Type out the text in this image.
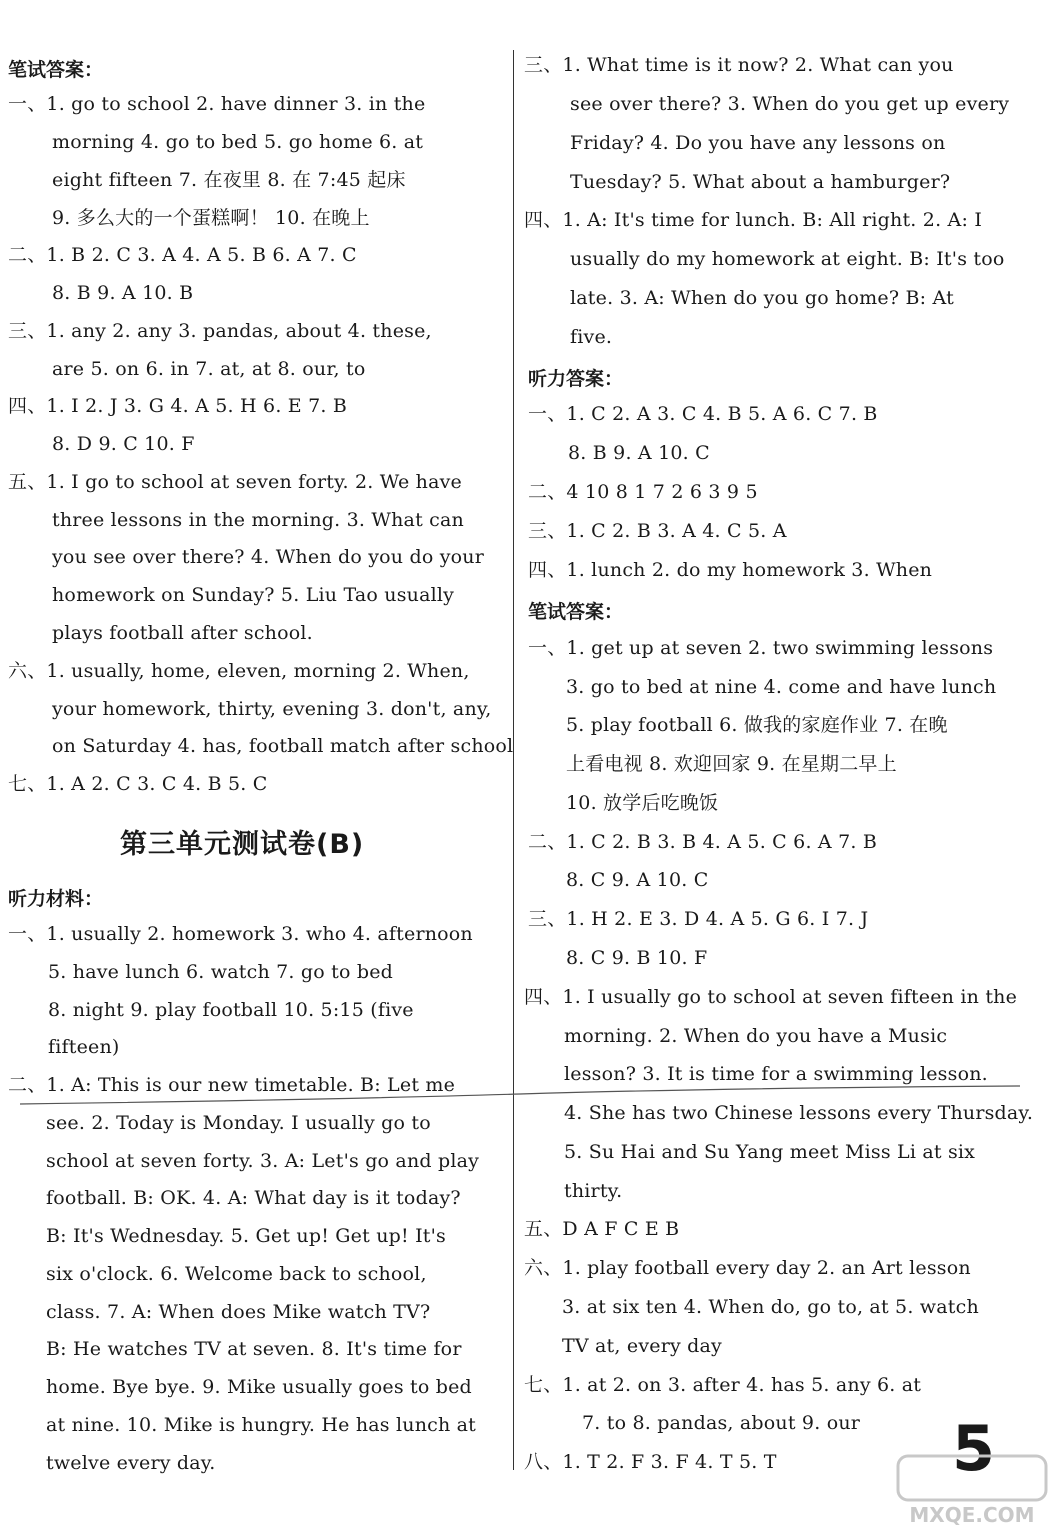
笔试答案：
一、1. go to school 2. have dinner 3. in the
morning 4. go to bed 5. go home 6. at
eight fifteen 7. 在夜里 8. 在 7:45 起床
9. 多么大的一个蛋糕啊！ 10. 在晚上
二、1. B 2. C 3. A 4. A 5. B 6. A 7. C
8. B 9. A 10. B
三、1. any 2. any 3. pandas, about 4. these,
are 5. on 6. in 7. at, at 8. our, to
四、1. I 2. J 3. G 4. A 5. H 6. E 7. B
8. D 9. C 10. F
五、1. I go to school at seven forty. 2. We have
three lessons in the morning. 3. What can
you see over there? 4. When do you do your
homework on Sunday? 5. Liu Tao usually
plays football after school.
六、1. usually, home, eleven, morning 2. When,
your homework, thirty, evening 3. don't, any,
on Saturday 4. has, football match after school
七、1. A 2. C 3. C 4. B 5. C
听力材料：
一、1. usually 2. homework 3. who 4. afternoon
5. have lunch 6. watch 7. go to bed
8. night 9. play football 10. 5:15 (five
fifteen)
二、1. A: This is our new timetable. B: Let me
see. 2. Today is Monday. I usually go to
school at seven forty. 3. A: Let's go and play
football. B: OK. 4. A: What day is it today?
B: It's Wednesday. 5. Get up! Get up! It's
six o'clock. 6. Welcome back to school,
class. 7. A: When does Mike watch TV?
B: He watches TV at seven. 8. It's time for
home. Bye bye. 9. Mike usually goes to bed
at nine. 10. Mike is hungry. He has lunch at
twelve every day.
三、1. What time is it now? 2. What can you
see over there? 3. When do you get up every
Friday? 4. Do you have any lessons on
Tuesday? 5. What about a hamburger?
四、1. A: It's time for lunch. B: All right. 2. A: I
usually do my homework at eight. B: It's too
late. 3. A: When do you go home? B: At
five.
听力答案：
一、1. C 2. A 3. C 4. B 5. A 6. C 7. B
8. B 9. A 10. C
二、4 10 8 1 7 2 6 3 9 5
三、1. C 2. B 3. A 4. C 5. A
四、1. lunch 2. do my homework 3. When
笔试答案：
一、1. get up at seven 2. two swimming lessons
3. go to bed at nine 4. come and have lunch
5. play football 6. 做我的家庭作业 7. 在晚
上看电视 8. 欢迎回家 9. 在星期二早上
10. 放学后吃晚饭
二、1. C 2. B 3. B 4. A 5. C 6. A 7. B
8. C 9. A 10. C
三、1. H 2. E 3. D 4. A 5. G 6. I 7. J
8. C 9. B 10. F
四、1. I usually go to school at seven fifteen in the
morning. 2. When do you have a Music
lesson? 3. It is time for a swimming lesson.
4. She has two Chinese lessons every Thursday.
5. Su Hai and Su Yang meet Miss Li at six
thirty.
五、D A F C E B
六、1. play football every day 2. an Art lesson
3. at six ten 4. When do, go to, at 5. watch
TV at, every day
七、1. at 2. on 3. after 4. has 5. any 6. at
7. to 8. pandas, about 9. our
八、1. T 2. F 3. F 4. T 5. T
第三单元测试卷(B)
5
MXQE.COM
